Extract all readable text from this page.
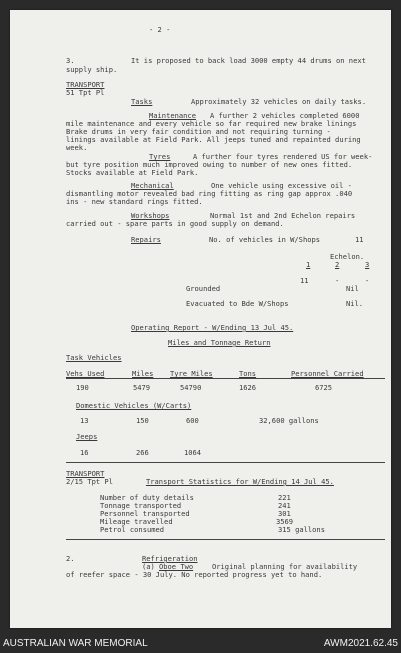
- 2 -
3.	It is proposed to back load 3000 empty 44 drums on next
supply ship.
TRANSPORT
51 Tpt Pl
Tasks	Approximately 32 vehicles on daily tasks.
Maintenance A further 2 vehicles completed 6000
mile maintenance and every vehicle so far required new brake linings
Brake drums in very fair condition and not requiring turning -
linings available at Field Park. All jeeps tuned and repainted during
week.
Tyres	A further four tyres rendered US for week-
but tyre position much improved owing to number of new ones fitted.
Stocks available at Field Park.
Mechanical	One vehicle using excessive oil -
dismantling motor revealed bad ring fitting as ring gap approx .040
ins - new standard rings fitted.
Workshops	Normal 1st and 2nd Echelon repairs
carried out - spare parts in good supply on demand.
Repairs	No. of vehicles in W/Shops	11
Echelon.
1	2	3
11	-	-
Grounded	Nil
Evacuated to Bde W/Shops	Nil.
Operating Report - W/Ending 13 Jul 45.
Miles and Tonnage Return
Task Vehicles
Vehs Used	Miles Tyre Miles	Tons	Personnel Carried
190	5479	54790	1626	6725
Domestic Vehicles (W/Carts)
13	150	600	32,600 gallons
Jeeps
16	266	1064
TRANSPORT
2/15 Tpt Pl	Transport Statistics for W/Ending 14 Jul 45.
Number of duty details	221
Tonnage transported	241
Personnel transported	301
Mileage travelled	3569
Petrol consumed	315 gallons
2.	Refrigeration
(a) Oboe Two	Original planning for availability
of reefer space - 30 July. No reported progress yet to hand.
AUSTRALIAN WAR MEMORIAL	AWM2021.62.45
